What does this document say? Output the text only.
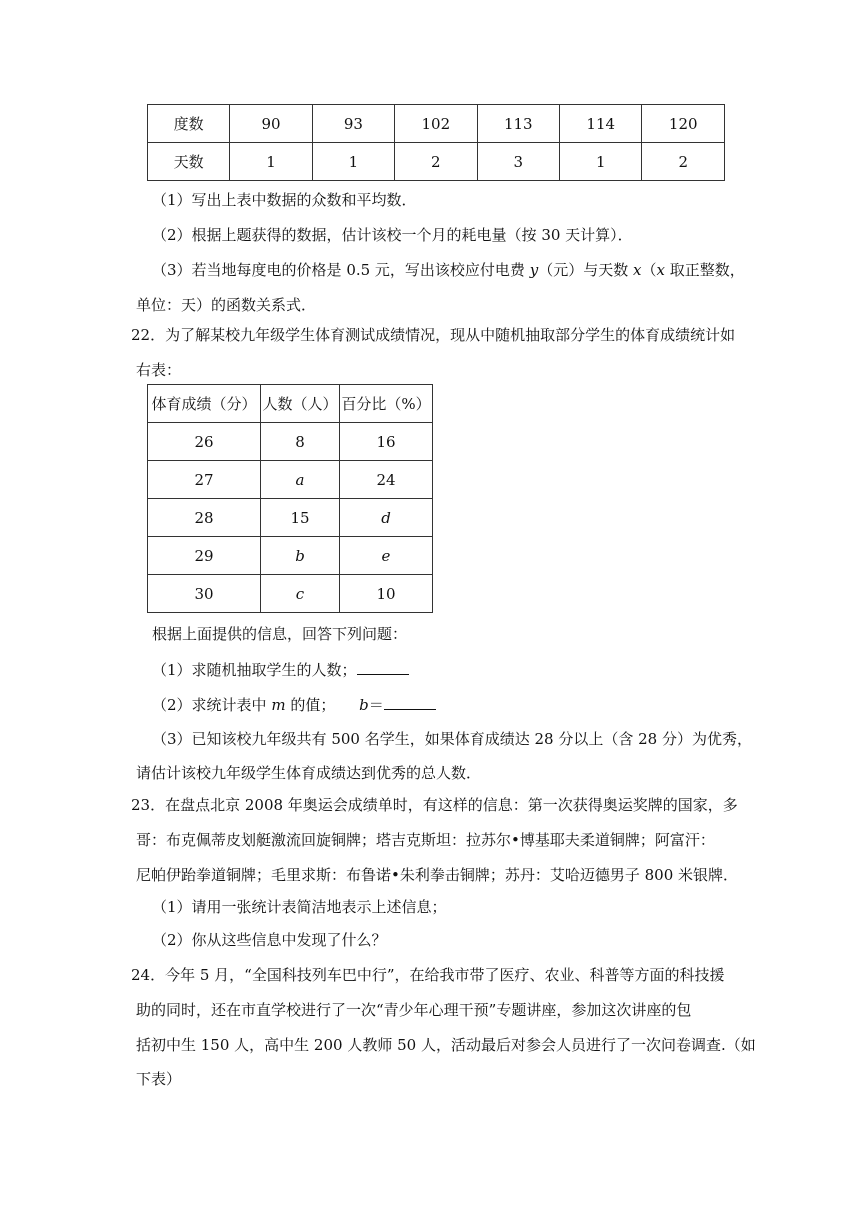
度数	90	93	102	113	114	120
天数	1	1	2	3	1	2
（1）写出上表中数据的众数和平均数．
（2）根据上题获得的数据，估计该校一个月的耗电量（按 30 天计算）．
（3）若当地每度电的价格是 0.5 元，写出该校应付电费 y（元）与天数 x（x 取正整数，
单位：天）的函数关系式．
22．为了解某校九年级学生体育测试成绩情况，现从中随机抽取部分学生的体育成绩统计如
右表：
体育成绩（分）	人数（人）	百分比（%）
26	8	16
27	a	24
28	15	d
29	b	e
30	c	10
根据上面提供的信息，回答下列问题：
（1）求随机抽取学生的人数；
（2）求统计表中 m 的值； b＝
（3）已知该校九年级共有 500 名学生，如果体育成绩达 28 分以上（含 28 分）为优秀，
请估计该校九年级学生体育成绩达到优秀的总人数．
23．在盘点北京 2008 年奥运会成绩单时，有这样的信息：第一次获得奥运奖牌的国家，多
哥：布克佩蒂皮划艇激流回旋铜牌；塔吉克斯坦：拉苏尔•博基耶夫柔道铜牌；阿富汗：
尼帕伊跆拳道铜牌；毛里求斯：布鲁诺•朱利拳击铜牌；苏丹：艾哈迈德男子 800 米银牌．
（1）请用一张统计表简洁地表示上述信息；
（2）你从这些信息中发现了什么？
24．今年 5 月，“全国科技列车巴中行”，在给我市带了医疗、农业、科普等方面的科技援
助的同时，还在市直学校进行了一次“青少年心理干预”专题讲座，参加这次讲座的包
括初中生 150 人，高中生 200 人教师 50 人，活动最后对参会人员进行了一次问卷调查.（如
下表）
